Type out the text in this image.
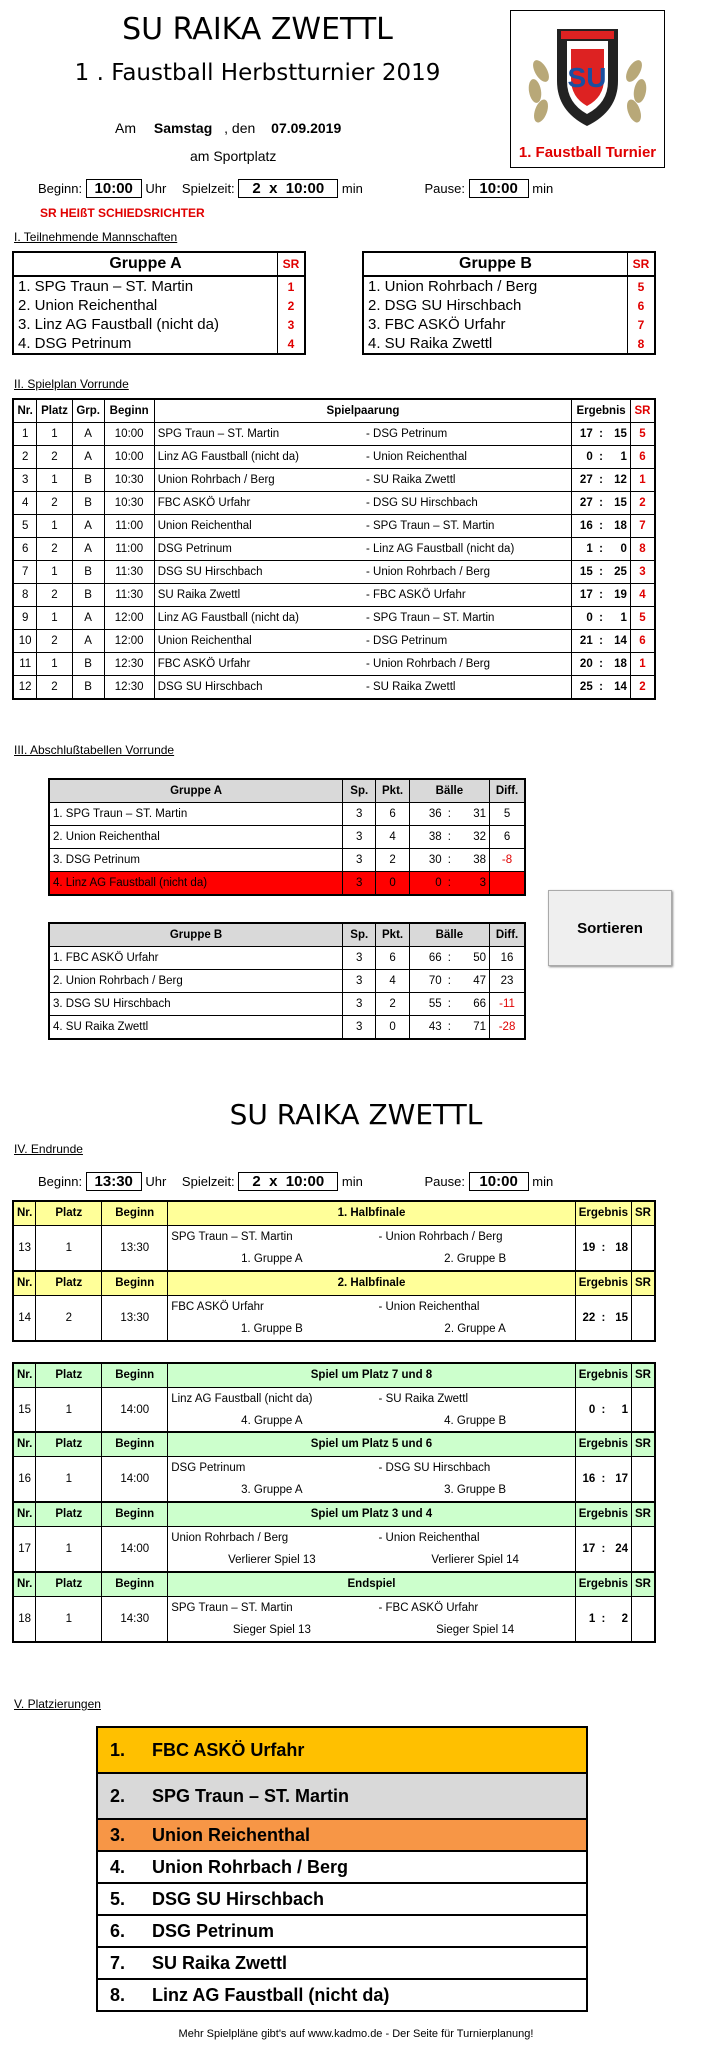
SU RAIKA ZWETTL
1 . Faustball Herbstturnier 2019	SU
1. Faustball Turnier
Am Samstag , den 07.09.2019
am Sportplatz
Beginn: 10:00 Uhr Spielzeit: 2 x 10:00 min	Pause: 10:00 min
SR HEIßT SCHIEDSRICHTER
I. Teilnehmende Mannschaften
Gruppe A	SR
1. SPG Traun – ST. Martin	1
2. Union Reichenthal	2
3. Linz AG Faustball (nicht da)	3
4. DSG Petrinum	4
Gruppe B	SR
1. Union Rohrbach / Berg	5
2. DSG SU Hirschbach	6
3. FBC ASKÖ Urfahr	7
4. SU Raika Zwettl	8
II. Spielplan Vorrunde
Nr.	Platz	Grp.	Beginn	Spielpaarung		Ergebnis			SR
1	1	A	10:00	SPG Traun – ST. Martin	- DSG Petrinum	17	:	15	5
2	2	A	10:00	Linz AG Faustball (nicht da)	- Union Reichenthal	0	:	1	6
3	1	B	10:30	Union Rohrbach / Berg	- SU Raika Zwettl	27	:	12	1
4	2	B	10:30	FBC ASKÖ Urfahr	- DSG SU Hirschbach	27	:	15	2
5	1	A	11:00	Union Reichenthal	- SPG Traun – ST. Martin	16	:	18	7
6	2	A	11:00	DSG Petrinum	- Linz AG Faustball (nicht da)	1	:	0	8
7	1	B	11:30	DSG SU Hirschbach	- Union Rohrbach / Berg	15	:	25	3
8	2	B	11:30	SU Raika Zwettl	- FBC ASKÖ Urfahr	17	:	19	4
9	1	A	12:00	Linz AG Faustball (nicht da)	- SPG Traun – ST. Martin	0	:	1	5
10	2	A	12:00	Union Reichenthal	- DSG Petrinum	21	:	14	6
11	1	B	12:30	FBC ASKÖ Urfahr	- Union Rohrbach / Berg	20	:	18	1
12	2	B	12:30	DSG SU Hirschbach	- SU Raika Zwettl	25	:	14	2
III. Abschlußtabellen Vorrunde
Gruppe A	Sp.	Pkt.	Bälle			Diff.
1. SPG Traun – ST. Martin	3	6	36	:	31	5
2. Union Reichenthal	3	4	38	:	32	6
3. DSG Petrinum	3	2	30	:	38	-8
4. Linz AG Faustball (nicht da)	3	0	0	:	3	
Gruppe B	Sp.	Pkt.	Bälle			Diff.
1. FBC ASKÖ Urfahr	3	6	66	:	50	16
2. Union Rohrbach / Berg	3	4	70	:	47	23
3. DSG SU Hirschbach	3	2	55	:	66	-11
4. SU Raika Zwettl	3	0	43	:	71	-28
Sortieren
SU RAIKA ZWETTL
IV. Endrunde
Beginn: 13:30 Uhr Spielzeit: 2 x 10:00 min	Pause: 10:00 min
Nr.	Platz	Beginn	1. Halbfinale		Ergebnis			SR
13	1	13:30	SPG Traun – ST. Martin	- Union Rohrbach / Berg	19	:	18	
			1. Gruppe A	2. Gruppe B				
Nr.	Platz	Beginn	2. Halbfinale		Ergebnis			SR
14	2	13:30	FBC ASKÖ Urfahr	- Union Reichenthal	22	:	15	
			1. Gruppe B	2. Gruppe A				
Nr.	Platz	Beginn	Spiel um Platz 7 und 8		Ergebnis			SR
15	1	14:00	Linz AG Faustball (nicht da)	- SU Raika Zwettl	0	:	1	
			4. Gruppe A	4. Gruppe B				
Nr.	Platz	Beginn	Spiel um Platz 5 und 6		Ergebnis			SR
16	1	14:00	DSG Petrinum	- DSG SU Hirschbach	16	:	17	
			3. Gruppe A	3. Gruppe B				
Nr.	Platz	Beginn	Spiel um Platz 3 und 4		Ergebnis			SR
17	1	14:00	Union Rohrbach / Berg	- Union Reichenthal	17	:	24	
			Verlierer Spiel 13	Verlierer Spiel 14				
Nr.	Platz	Beginn	Endspiel		Ergebnis			SR
18	1	14:30	SPG Traun – ST. Martin	- FBC ASKÖ Urfahr	1	:	2	
			Sieger Spiel 13	Sieger Spiel 14				
V. Platzierungen
1.	FBC ASKÖ Urfahr
2.	SPG Traun – ST. Martin
3.	Union Reichenthal
4.	Union Rohrbach / Berg
5.	DSG SU Hirschbach
6.	DSG Petrinum
7.	SU Raika Zwettl
8.	Linz AG Faustball (nicht da)
Mehr Spielpläne gibt's auf www.kadmo.de - Der Seite für Turnierplanung!
